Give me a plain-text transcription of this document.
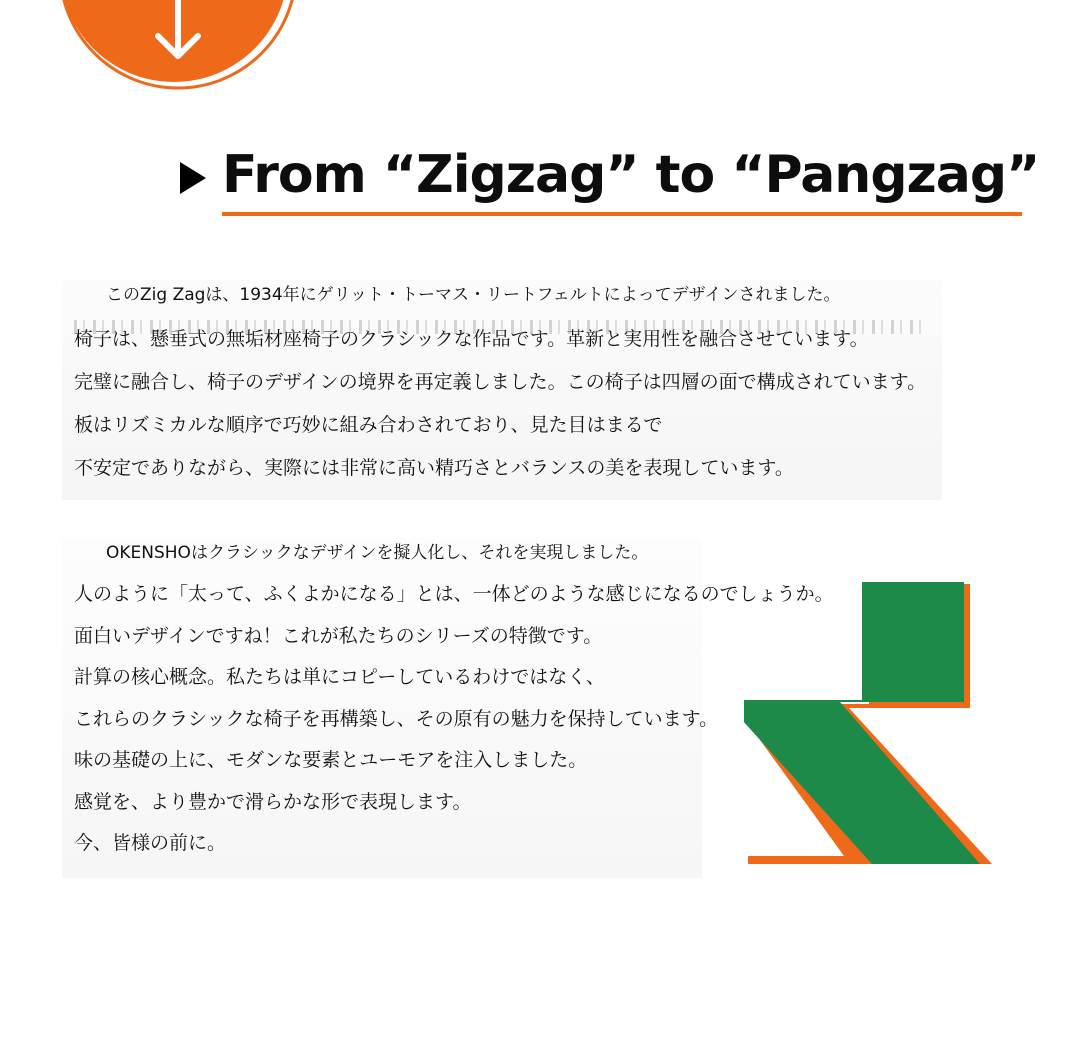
From “Zigzag” to “Pangzag”

このZig Zagは、1934年にゲリット・トーマス・リートフェルトによってデザインされました。

椅子は、懸垂式の無垢材座椅子のクラシックな作品です。革新と実用性を融合させています。

完璧に融合し、椅子のデザインの境界を再定義しました。この椅子は四層の面で構成されています。

板はリズミカルな順序で巧妙に組み合わされており、見た目はまるで

不安定でありながら、実際には非常に高い精巧さとバランスの美を表現しています。

OKENSHOはクラシックなデザインを擬人化し、それを実現しました。

人のように「太って、ふくよかになる」とは、一体どのような感じになるのでしょうか。

面白いデザインですね！これが私たちのシリーズの特徴です。

計算の核心概念。私たちは単にコピーしているわけではなく、

これらのクラシックな椅子を再構築し、その原有の魅力を保持しています。

味の基礎の上に、モダンな要素とユーモアを注入しました。

感覚を、より豊かで滑らかな形で表現します。

今、皆様の前に。
